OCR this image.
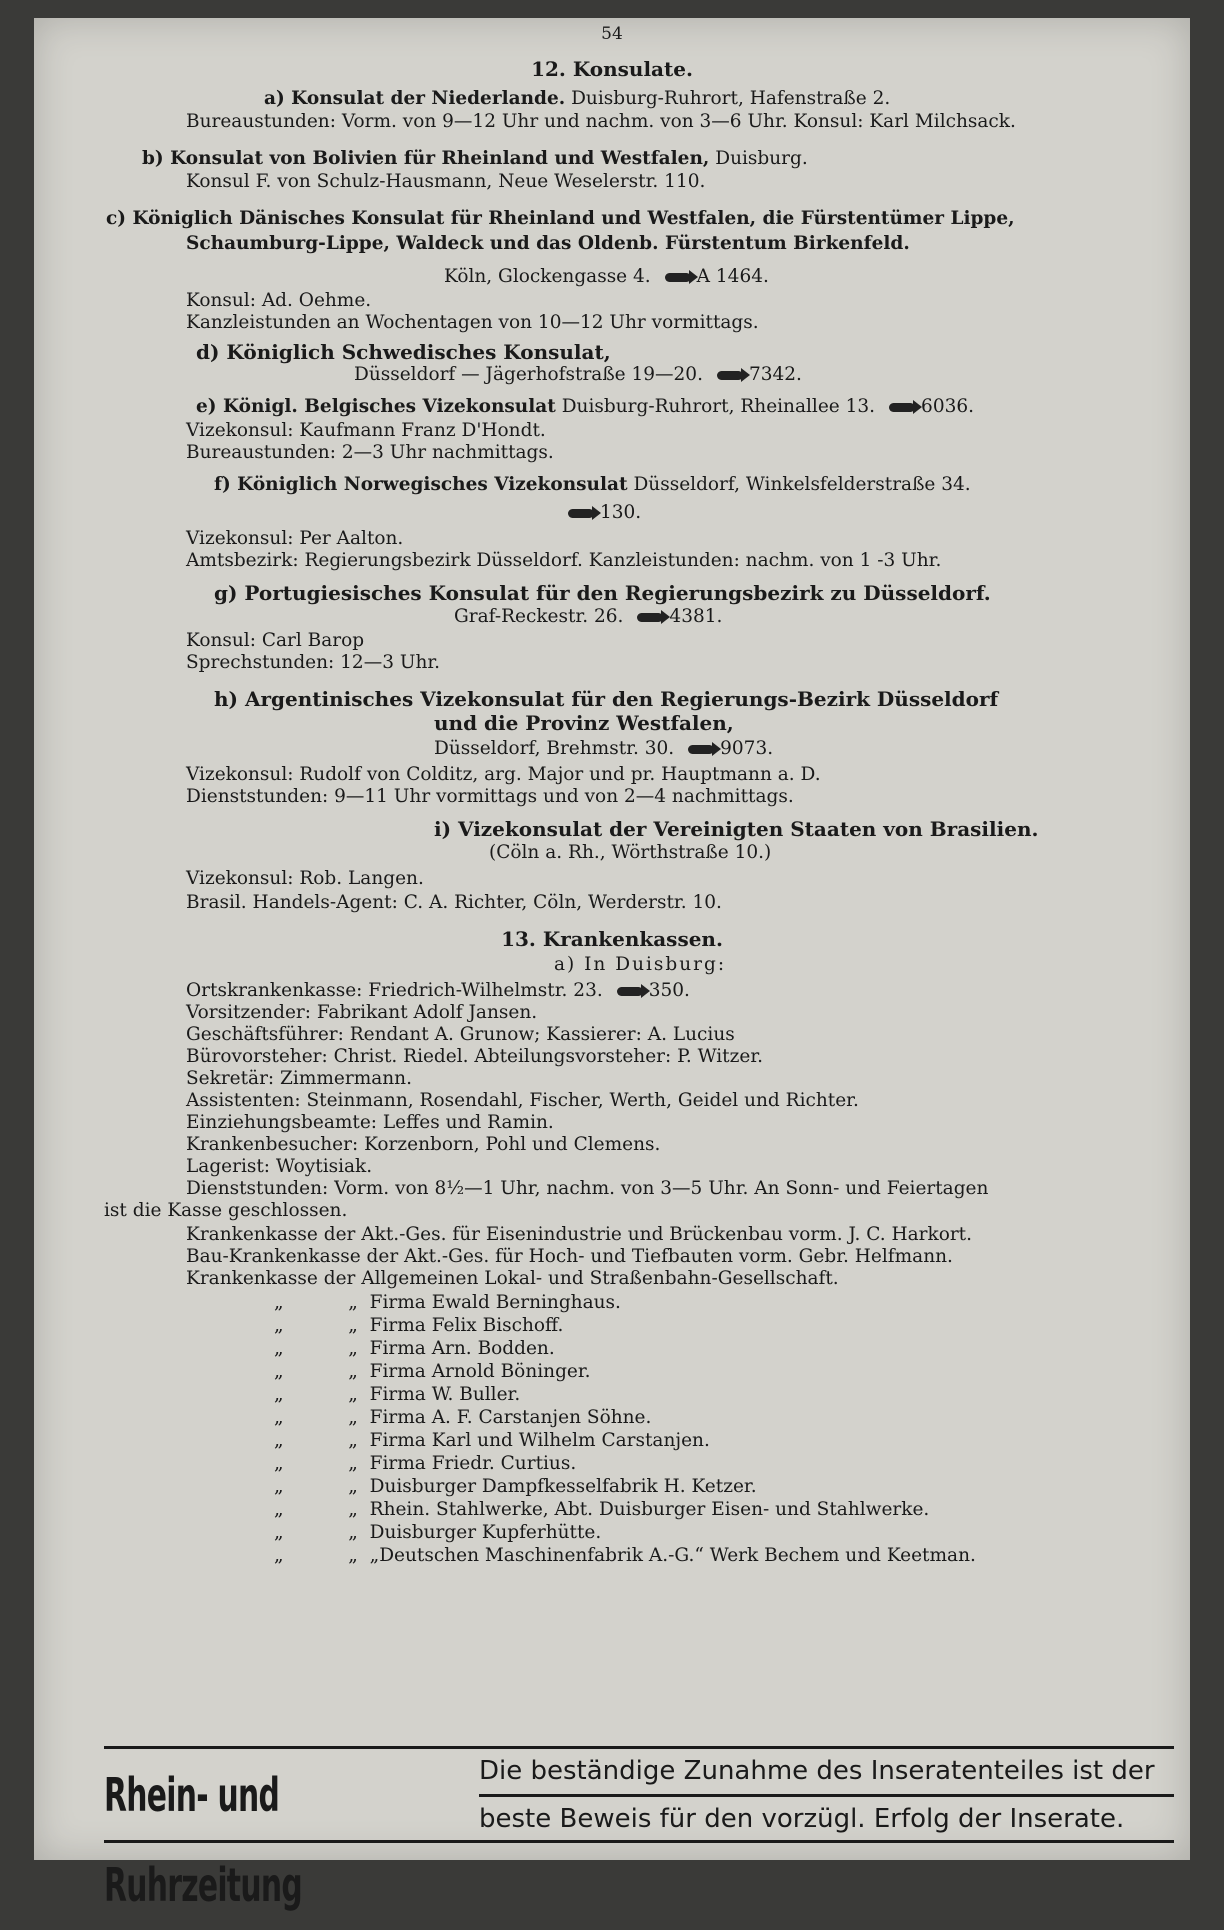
54
12. Konsulate.
a) Konsulat der Niederlande. Duisburg-Ruhrort, Hafenstraße 2.
Bureaustunden: Vorm. von 9—12 Uhr und nachm. von 3—6 Uhr. Konsul: Karl Milchsack.
b) Konsulat von Bolivien für Rheinland und Westfalen, Duisburg.
Konsul F. von Schulz-Hausmann, Neue Weselerstr. 110.
c) Königlich Dänisches Konsulat für Rheinland und Westfalen, die Fürstentümer Lippe,
Schaumburg-Lippe, Waldeck und das Oldenb. Fürstentum Birkenfeld.
Köln, Glockengasse 4. A 1464.
Konsul: Ad. Oehme.
Kanzleistunden an Wochentagen von 10—12 Uhr vormittags.
d) Königlich Schwedisches Konsulat,
Düsseldorf — Jägerhofstraße 19—20. 7342.
e) Königl. Belgisches Vizekonsulat Duisburg-Ruhrort, Rheinallee 13. 6036.
Vizekonsul: Kaufmann Franz D'Hondt.
Bureaustunden: 2—3 Uhr nachmittags.
f) Königlich Norwegisches Vizekonsulat Düsseldorf, Winkelsfelderstraße 34.
130.
Vizekonsul: Per Aalton.
Amtsbezirk: Regierungsbezirk Düsseldorf. Kanzleistunden: nachm. von 1 -3 Uhr.
g) Portugiesisches Konsulat für den Regierungsbezirk zu Düsseldorf.
Graf-Reckestr. 26. 4381.
Konsul: Carl Barop
Sprechstunden: 12—3 Uhr.
h) Argentinisches Vizekonsulat für den Regierungs-Bezirk Düsseldorf
und die Provinz Westfalen,
Düsseldorf, Brehmstr. 30. 9073.
Vizekonsul: Rudolf von Colditz, arg. Major und pr. Hauptmann a. D.
Dienststunden: 9—11 Uhr vormittags und von 2—4 nachmittags.
i) Vizekonsulat der Vereinigten Staaten von Brasilien.
(Cöln a. Rh., Wörthstraße 10.)
Vizekonsul: Rob. Langen.
Brasil. Handels-Agent: C. A. Richter, Cöln, Werderstr. 10.
13. Krankenkassen.
a) In Duisburg:
Ortskrankenkasse: Friedrich-Wilhelmstr. 23. 350.
Vorsitzender: Fabrikant Adolf Jansen.
Geschäftsführer: Rendant A. Grunow; Kassierer: A. Lucius
Bürovorsteher: Christ. Riedel. Abteilungsvorsteher: P. Witzer.
Sekretär: Zimmermann.
Assistenten: Steinmann, Rosendahl, Fischer, Werth, Geidel und Richter.
Einziehungsbeamte: Leffes und Ramin.
Krankenbesucher: Korzenborn, Pohl und Clemens.
Lagerist: Woytisiak.
Dienststunden: Vorm. von 8½—1 Uhr, nachm. von 3—5 Uhr. An Sonn- und Feiertagen
ist die Kasse geschlossen.
Krankenkasse der Akt.-Ges. für Eisenindustrie und Brückenbau vorm. J. C. Harkort.
Bau-Krankenkasse der Akt.-Ges. für Hoch- und Tiefbauten vorm. Gebr. Helfmann.
Krankenkasse der Allgemeinen Lokal- und Straßenbahn-Gesellschaft.
„	„ Firma Ewald Berninghaus.
„	„ Firma Felix Bischoff.
„	„ Firma Arn. Bodden.
„	„ Firma Arnold Böninger.
„	„ Firma W. Buller.
„	„ Firma A. F. Carstanjen Söhne.
„	„ Firma Karl und Wilhelm Carstanjen.
„	„ Firma Friedr. Curtius.
„	„ Duisburger Dampfkesselfabrik H. Ketzer.
„	„ Rhein. Stahlwerke, Abt. Duisburger Eisen- und Stahlwerke.
„	„ Duisburger Kupferhütte.
„	„ „Deutschen Maschinenfabrik A.-G.“ Werk Bechem und Keetman.
Rhein- und Ruhrzeitung
Die beständige Zunahme des Inseratenteiles ist der
beste Beweis für den vorzügl. Erfolg der Inserate.
